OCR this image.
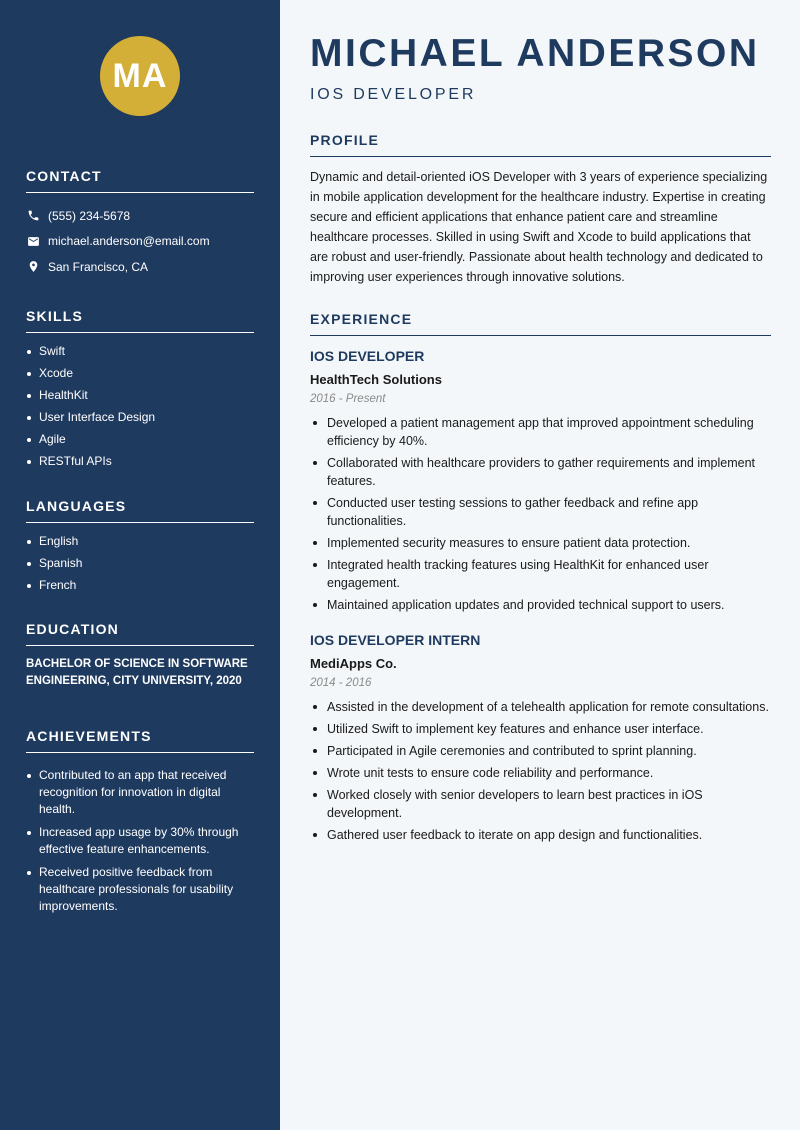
MA
CONTACT
(555) 234-5678
michael.anderson@email.com
San Francisco, CA
SKILLS
Swift
Xcode
HealthKit
User Interface Design
Agile
RESTful APIs
LANGUAGES
English
Spanish
French
EDUCATION
BACHELOR OF SCIENCE IN SOFTWARE ENGINEERING, CITY UNIVERSITY, 2020
ACHIEVEMENTS
Contributed to an app that received recognition for innovation in digital health.
Increased app usage by 30% through effective feature enhancements.
Received positive feedback from healthcare professionals for usability improvements.
MICHAEL ANDERSON
IOS DEVELOPER
PROFILE

Dynamic and detail-oriented iOS Developer with 3 years of experience specializing in mobile application development for the healthcare industry. Expertise in creating secure and efficient applications that enhance patient care and streamline healthcare processes. Skilled in using Swift and Xcode to build applications that are robust and user-friendly. Passionate about health technology and dedicated to improving user experiences through innovative solutions.

EXPERIENCE
IOS DEVELOPER
HealthTech Solutions
2016 - Present
Developed a patient management app that improved appointment scheduling efficiency by 40%.
Collaborated with healthcare providers to gather requirements and implement features.
Conducted user testing sessions to gather feedback and refine app functionalities.
Implemented security measures to ensure patient data protection.
Integrated health tracking features using HealthKit for enhanced user engagement.
Maintained application updates and provided technical support to users.
IOS DEVELOPER INTERN
MediApps Co.
2014 - 2016
Assisted in the development of a telehealth application for remote consultations.
Utilized Swift to implement key features and enhance user interface.
Participated in Agile ceremonies and contributed to sprint planning.
Wrote unit tests to ensure code reliability and performance.
Worked closely with senior developers to learn best practices in iOS development.
Gathered user feedback to iterate on app design and functionalities.
